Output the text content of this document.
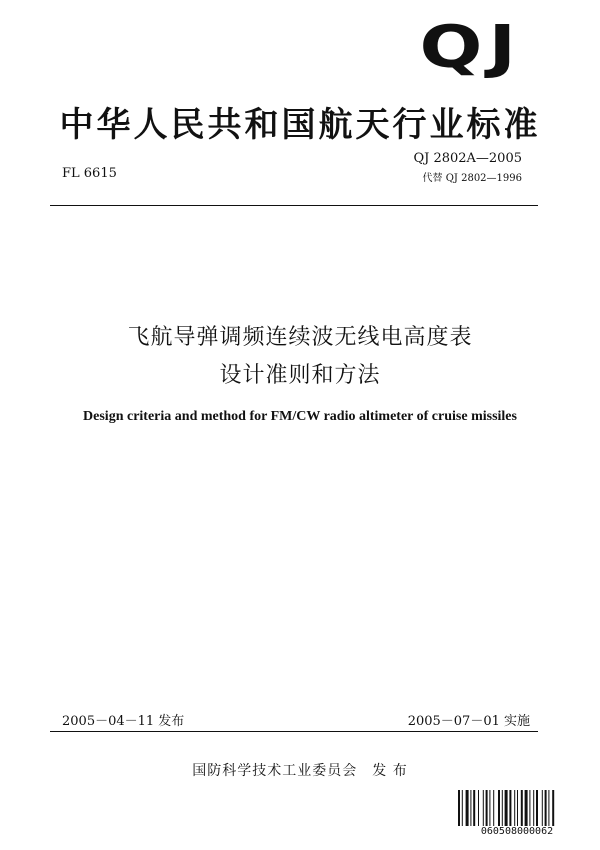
QJ
中华人民共和国航天行业标准
FL 6615
QJ 2802A—2005
代替 QJ 2802—1996
飞航导弹调频连续波无线电高度表
设计准则和方法
Design criteria and method for FM/CW radio altimeter of cruise missiles
2005－04－11 发布	2005－07－01 实施
国防科学技术工业委员会　发 布
060508000062
